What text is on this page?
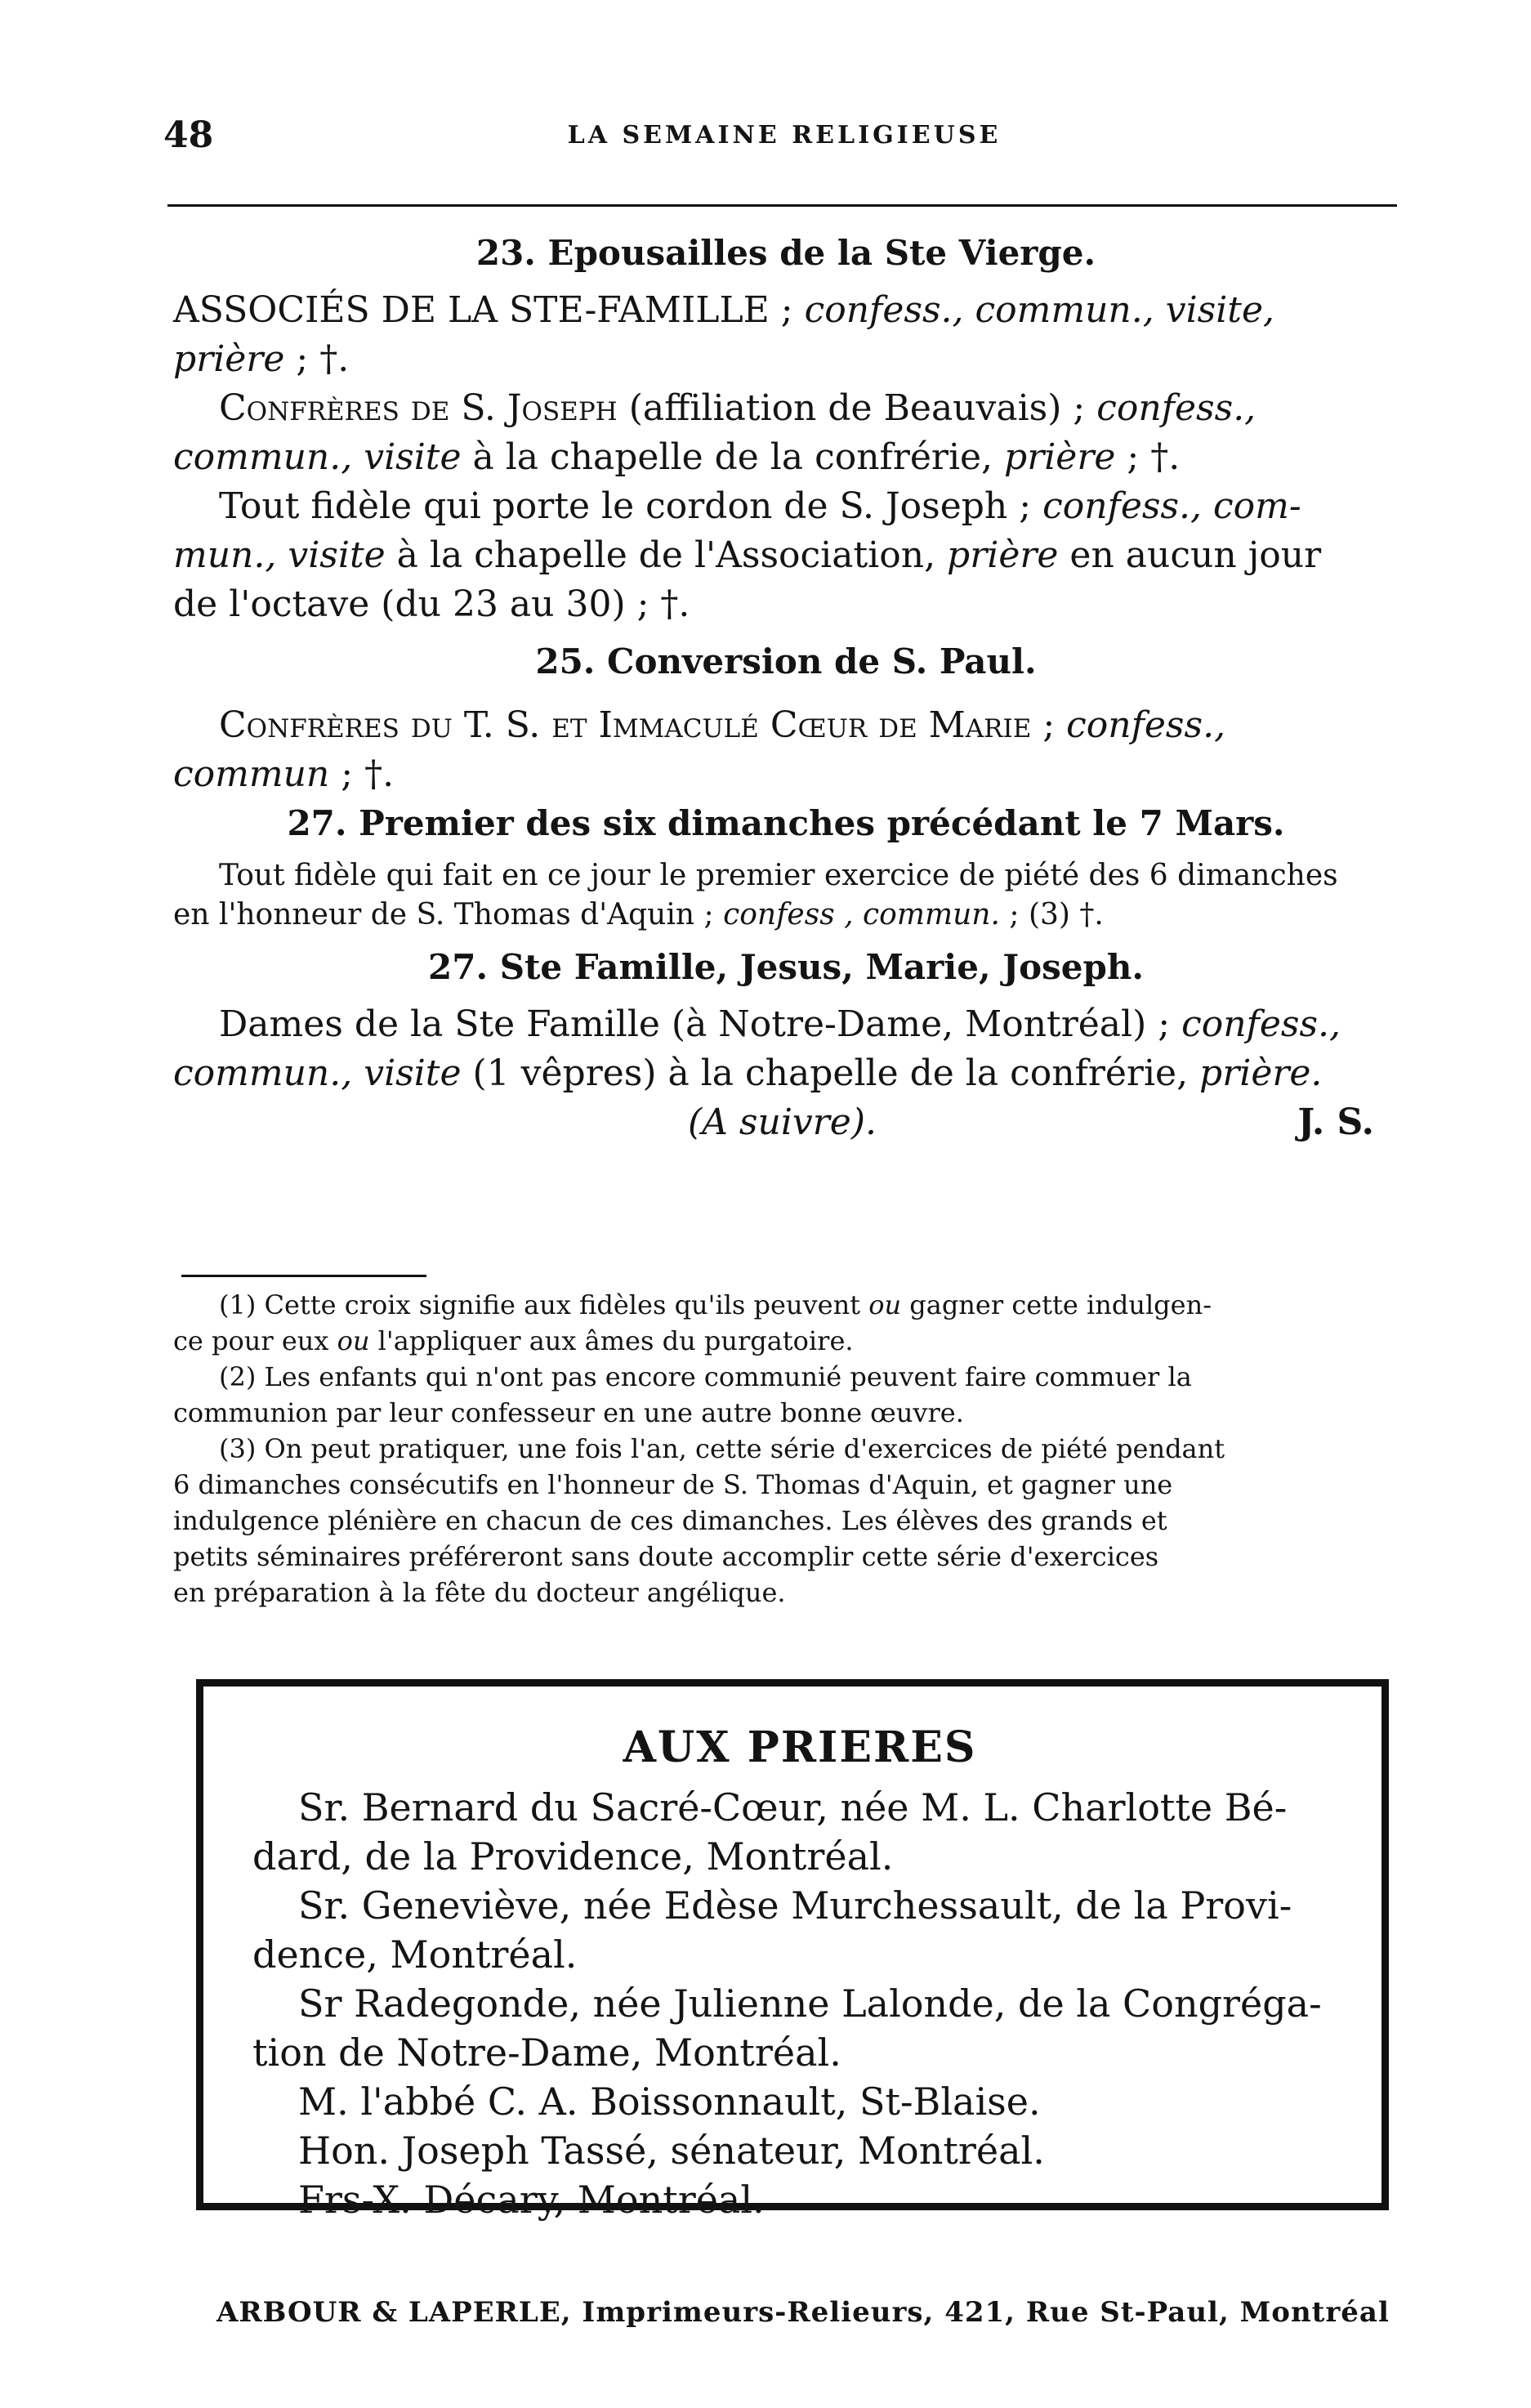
48	LA SEMAINE RELIGIEUSE
23. Epousailles de la Ste Vierge.
ASSOCIÉS DE LA STE-FAMILLE ; confess., commun., visite,
prière ; †.
Confrères de S. Joseph (affiliation de Beauvais) ; confess.,
commun., visite à la chapelle de la confrérie, prière ; †.
Tout fidèle qui porte le cordon de S. Joseph ; confess., com-
mun., visite à la chapelle de l'Association, prière en aucun jour
de l'octave (du 23 au 30) ; †.
25. Conversion de S. Paul.
Confrères du T. S. et Immaculé Cœur de Marie ; confess.,
commun ; †.
27. Premier des six dimanches précédant le 7 Mars.
Tout fidèle qui fait en ce jour le premier exercice de piété des 6 dimanches
en l'honneur de S. Thomas d'Aquin ; confess , commun. ; (3) †.
27. Ste Famille, Jesus, Marie, Joseph.
Dames de la Ste Famille (à Notre-Dame, Montréal) ; confess.,
commun., visite (1 vêpres) à la chapelle de la confrérie, prière.
(A suivre).	J. S.
(1) Cette croix signifie aux fidèles qu'ils peuvent ou gagner cette indulgen-
ce pour eux ou l'appliquer aux âmes du purgatoire.
(2) Les enfants qui n'ont pas encore communié peuvent faire commuer la
communion par leur confesseur en une autre bonne œuvre.
(3) On peut pratiquer, une fois l'an, cette série d'exercices de piété pendant
6 dimanches consécutifs en l'honneur de S. Thomas d'Aquin, et gagner une
indulgence plénière en chacun de ces dimanches. Les élèves des grands et
petits séminaires préféreront sans doute accomplir cette série d'exercices
en préparation à la fête du docteur angélique.
AUX PRIERES
Sr. Bernard du Sacré-Cœur, née M. L. Charlotte Bé-
dard, de la Providence, Montréal.
Sr. Geneviève, née Edèse Murchessault, de la Provi-
dence, Montréal.
Sr Radegonde, née Julienne Lalonde, de la Congréga-
tion de Notre-Dame, Montréal.
M. l'abbé C. A. Boissonnault, St-Blaise.
Hon. Joseph Tassé, sénateur, Montréal.
Frs-X. Décary, Montréal.
ARBOUR & LAPERLE, Imprimeurs-Relieurs, 421, Rue St-Paul, Montréal
